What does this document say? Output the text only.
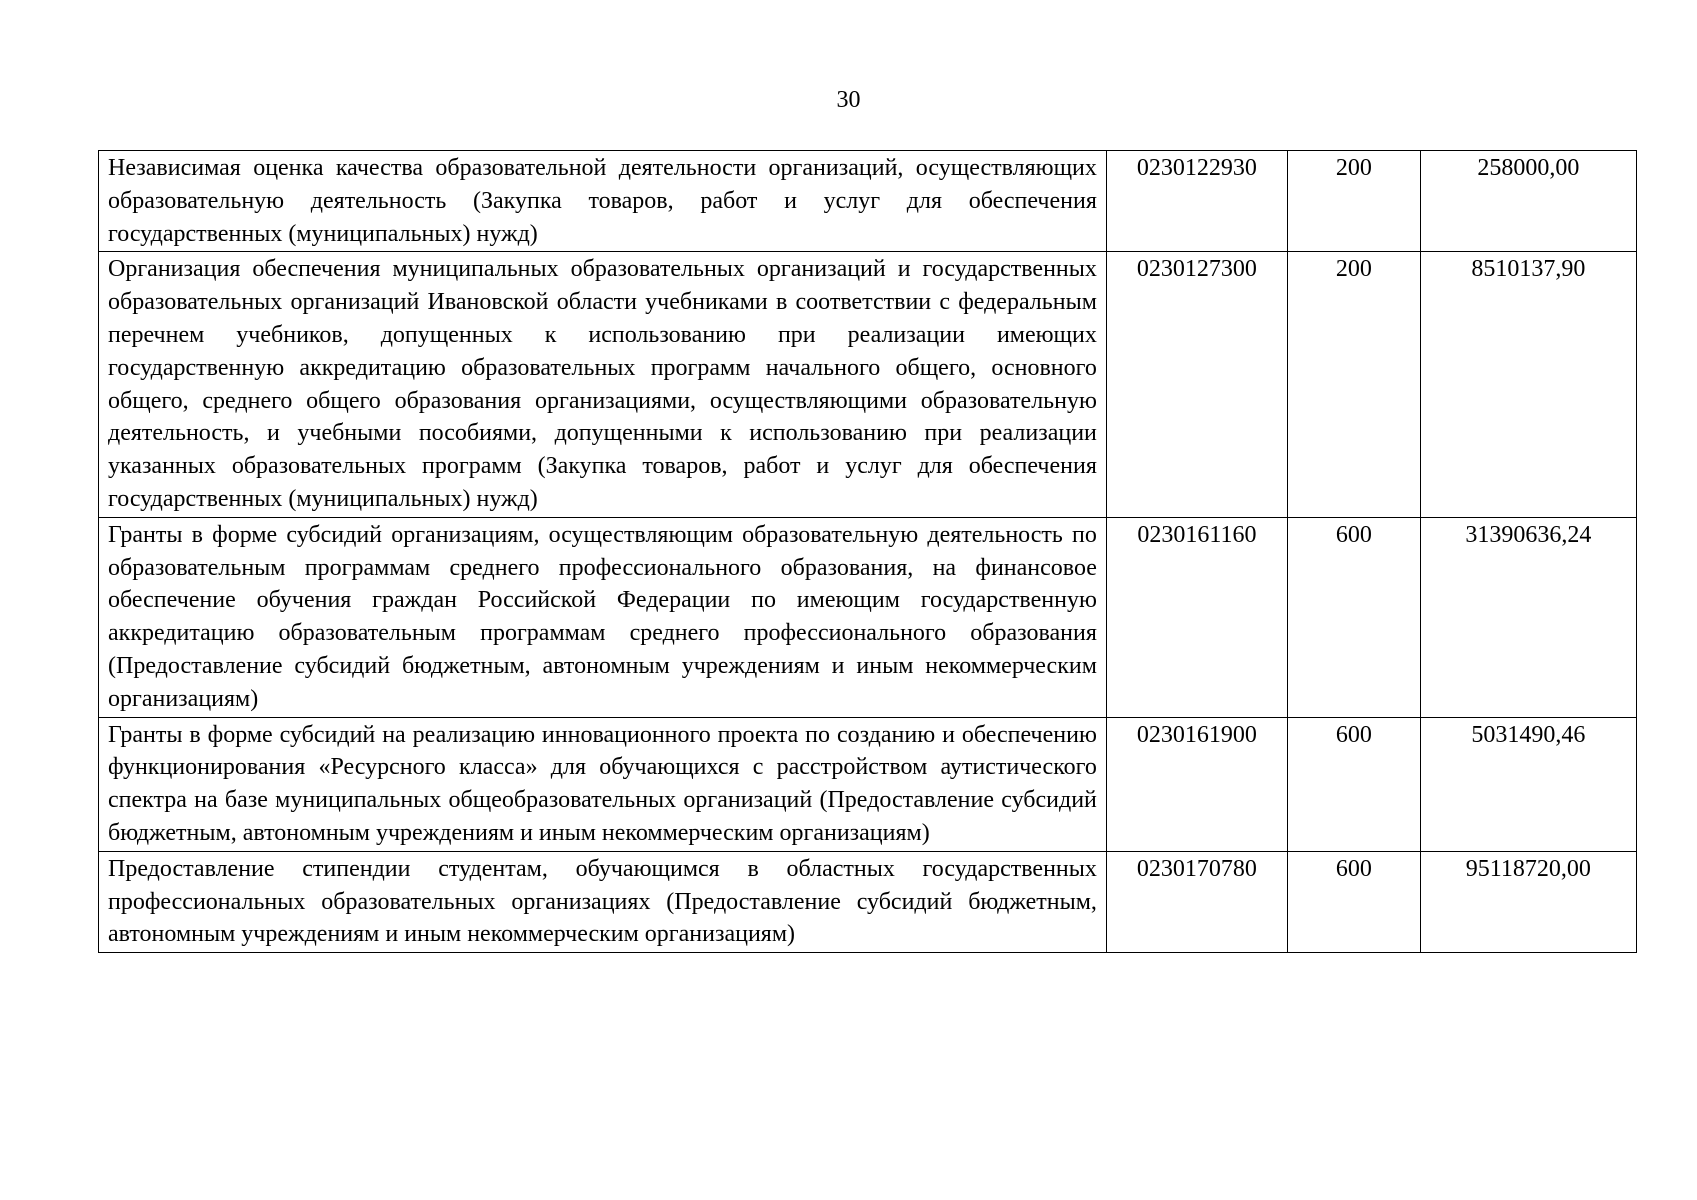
30
Независимая оценка качества образовательной деятельности организаций, осуществляющих образовательную деятельность (Закупка товаров, работ и услуг для обеспечения государственных (муниципальных) нужд)	0230122930	200	258000,00
Организация обеспечения муниципальных образовательных организаций и государственных образовательных организаций Ивановской области учебниками в соответствии с федеральным перечнем учебников, допущенных к использованию при реализации имеющих государственную аккредитацию образовательных программ начального общего, основного общего, среднего общего образования организациями, осуществляющими образовательную деятельность, и учебными пособиями, допущенными к использованию при реализации указанных образовательных программ (Закупка товаров, работ и услуг для обеспечения государственных (муниципальных) нужд)	0230127300	200	8510137,90
Гранты в форме субсидий организациям, осуществляющим образовательную деятельность по образовательным программам среднего профессионального образования, на финансовое обеспечение обучения граждан Российской Федерации по имеющим государственную аккредитацию образовательным программам среднего профессионального образования (Предоставление субсидий бюджетным, автономным учреждениям и иным некоммерческим организациям)	0230161160	600	31390636,24
Гранты в форме субсидий на реализацию инновационного проекта по созданию и обеспечению функционирования «Ресурсного класса» для обучающихся с расстройством аутистического спектра на базе муниципальных общеобразовательных организаций (Предоставление субсидий бюджетным, автономным учреждениям и иным некоммерческим организациям)	0230161900	600	5031490,46
Предоставление стипендии студентам, обучающимся в областных государственных профессиональных образовательных организациях (Предоставление субсидий бюджетным, автономным учреждениям и иным некоммерческим организациям)	0230170780	600	95118720,00
